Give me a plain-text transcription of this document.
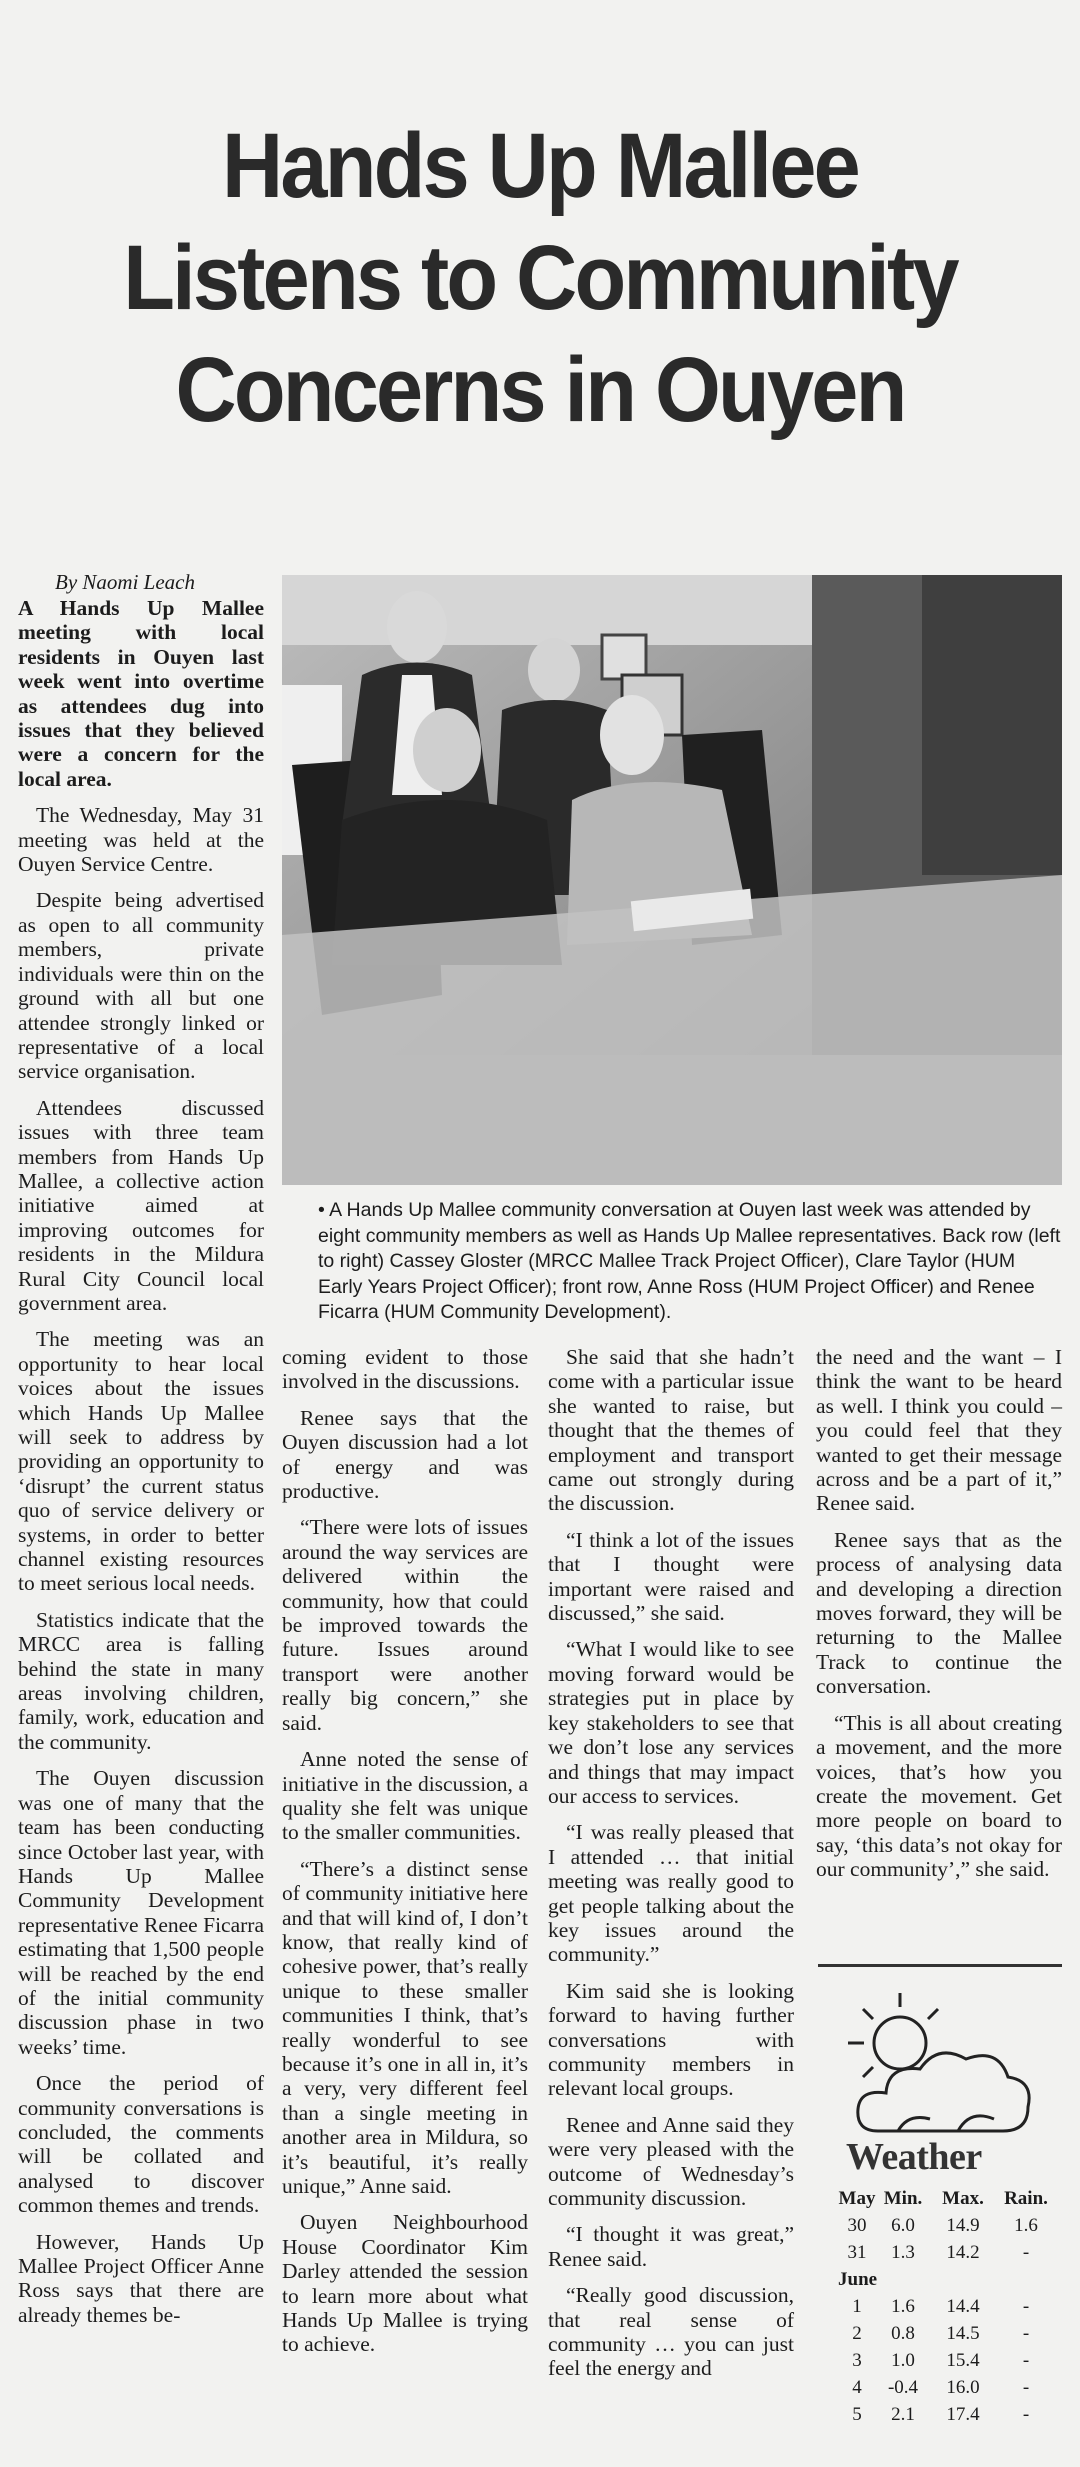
Hands Up Mallee
Listens to Community
Concerns in Ouyen
By Naomi Leach

A Hands Up Mallee meeting with local residents in Ouyen last week went into overtime as attendees dug into issues that they believed were a concern for the local area.

The Wednesday, May 31 meeting was held at the Ouyen Service Centre.

Despite being advertised as open to all community members, private individuals were thin on the ground with all but one attendee strongly linked or representative of a local service organisation.

Attendees discussed issues with three team members from Hands Up Mallee, a collective action initiative aimed at improving outcomes for residents in the Mildura Rural City Council local government area.

The meeting was an opportunity to hear local voices about the issues which Hands Up Mallee will seek to address by providing an opportunity to ‘disrupt’ the current status quo of service delivery or systems, in order to better channel existing resources to meet serious local needs.

Statistics indicate that the MRCC area is falling behind the state in many areas involving children, family, work, education and the community.

The Ouyen discussion was one of many that the team has been conducting since October last year, with Hands Up Mallee Community Development representative Renee Ficarra estimating that 1,500 people will be reached by the end of the initial community discussion phase in two weeks’ time.

Once the period of community conversations is concluded, the comments will be collated and analysed to discover common themes and trends.

However, Hands Up Mallee Project Officer Anne Ross says that there are already themes be-

• A Hands Up Mallee community conversation at Ouyen last week was attended by eight community members as well as Hands Up Mallee representatives. Back row (left to right) Cassey Gloster (MRCC Mallee Track Project Officer), Clare Taylor (HUM Early Years Project Officer); front row, Anne Ross (HUM Project Officer) and Renee Ficarra (HUM Community Development).

coming evident to those involved in the discussions.

Renee says that the Ouyen discussion had a lot of energy and was productive.

“There were lots of issues around the way services are delivered within the community, how that could be improved towards the future. Issues around transport were another really big concern,” she said.

Anne noted the sense of initiative in the discussion, a quality she felt was unique to the smaller communities.

“There’s a distinct sense of community initiative here and that will kind of, I don’t know, that really kind of cohesive power, that’s really unique to these smaller communities I think, that’s really wonderful to see because it’s one in all in, it’s a very, very different feel than a single meeting in another area in Mildura, so it’s beautiful, it’s really unique,” Anne said.

Ouyen Neighbourhood House Coordinator Kim Darley attended the session to learn more about what Hands Up Mallee is trying to achieve.

She said that she hadn’t come with a particular issue she wanted to raise, but thought that the themes of employment and transport came out strongly during the discussion.

“I think a lot of the issues that I thought were important were raised and discussed,” she said.

“What I would like to see moving forward would be strategies put in place by key stakeholders to see that we don’t lose any services and things that may impact our access to services.

“I was really pleased that I attended … that initial meeting was really good to get people talking about the key issues around the community.”

Kim said she is looking forward to having further conversations with community members in relevant local groups.

Renee and Anne said they were very pleased with the outcome of Wednesday’s community discussion.

“I thought it was great,” Renee said.

“Really good discussion, that real sense of community … you can just feel the energy and

the need and the want – I think the want to be heard as well. I think you could – you could feel that they wanted to get their message across and be a part of it,” Renee said.

Renee says that as the process of analysing data and developing a direction moves forward, they will be returning to the Mallee Track to continue the conversation.

“This is all about creating a movement, and the more voices, that’s how you create the movement. Get more people on board to say, ‘this data’s not okay for our community’,” she said.

Weather
May Min.	Max.	Rain.
30	6.0	14.9	1.6
31	1.3	14.2	-
June
1	1.6	14.4	-
2	0.8	14.5	-
3	1.0	15.4	-
4	-0.4	16.0	-
5	2.1	17.4	-
